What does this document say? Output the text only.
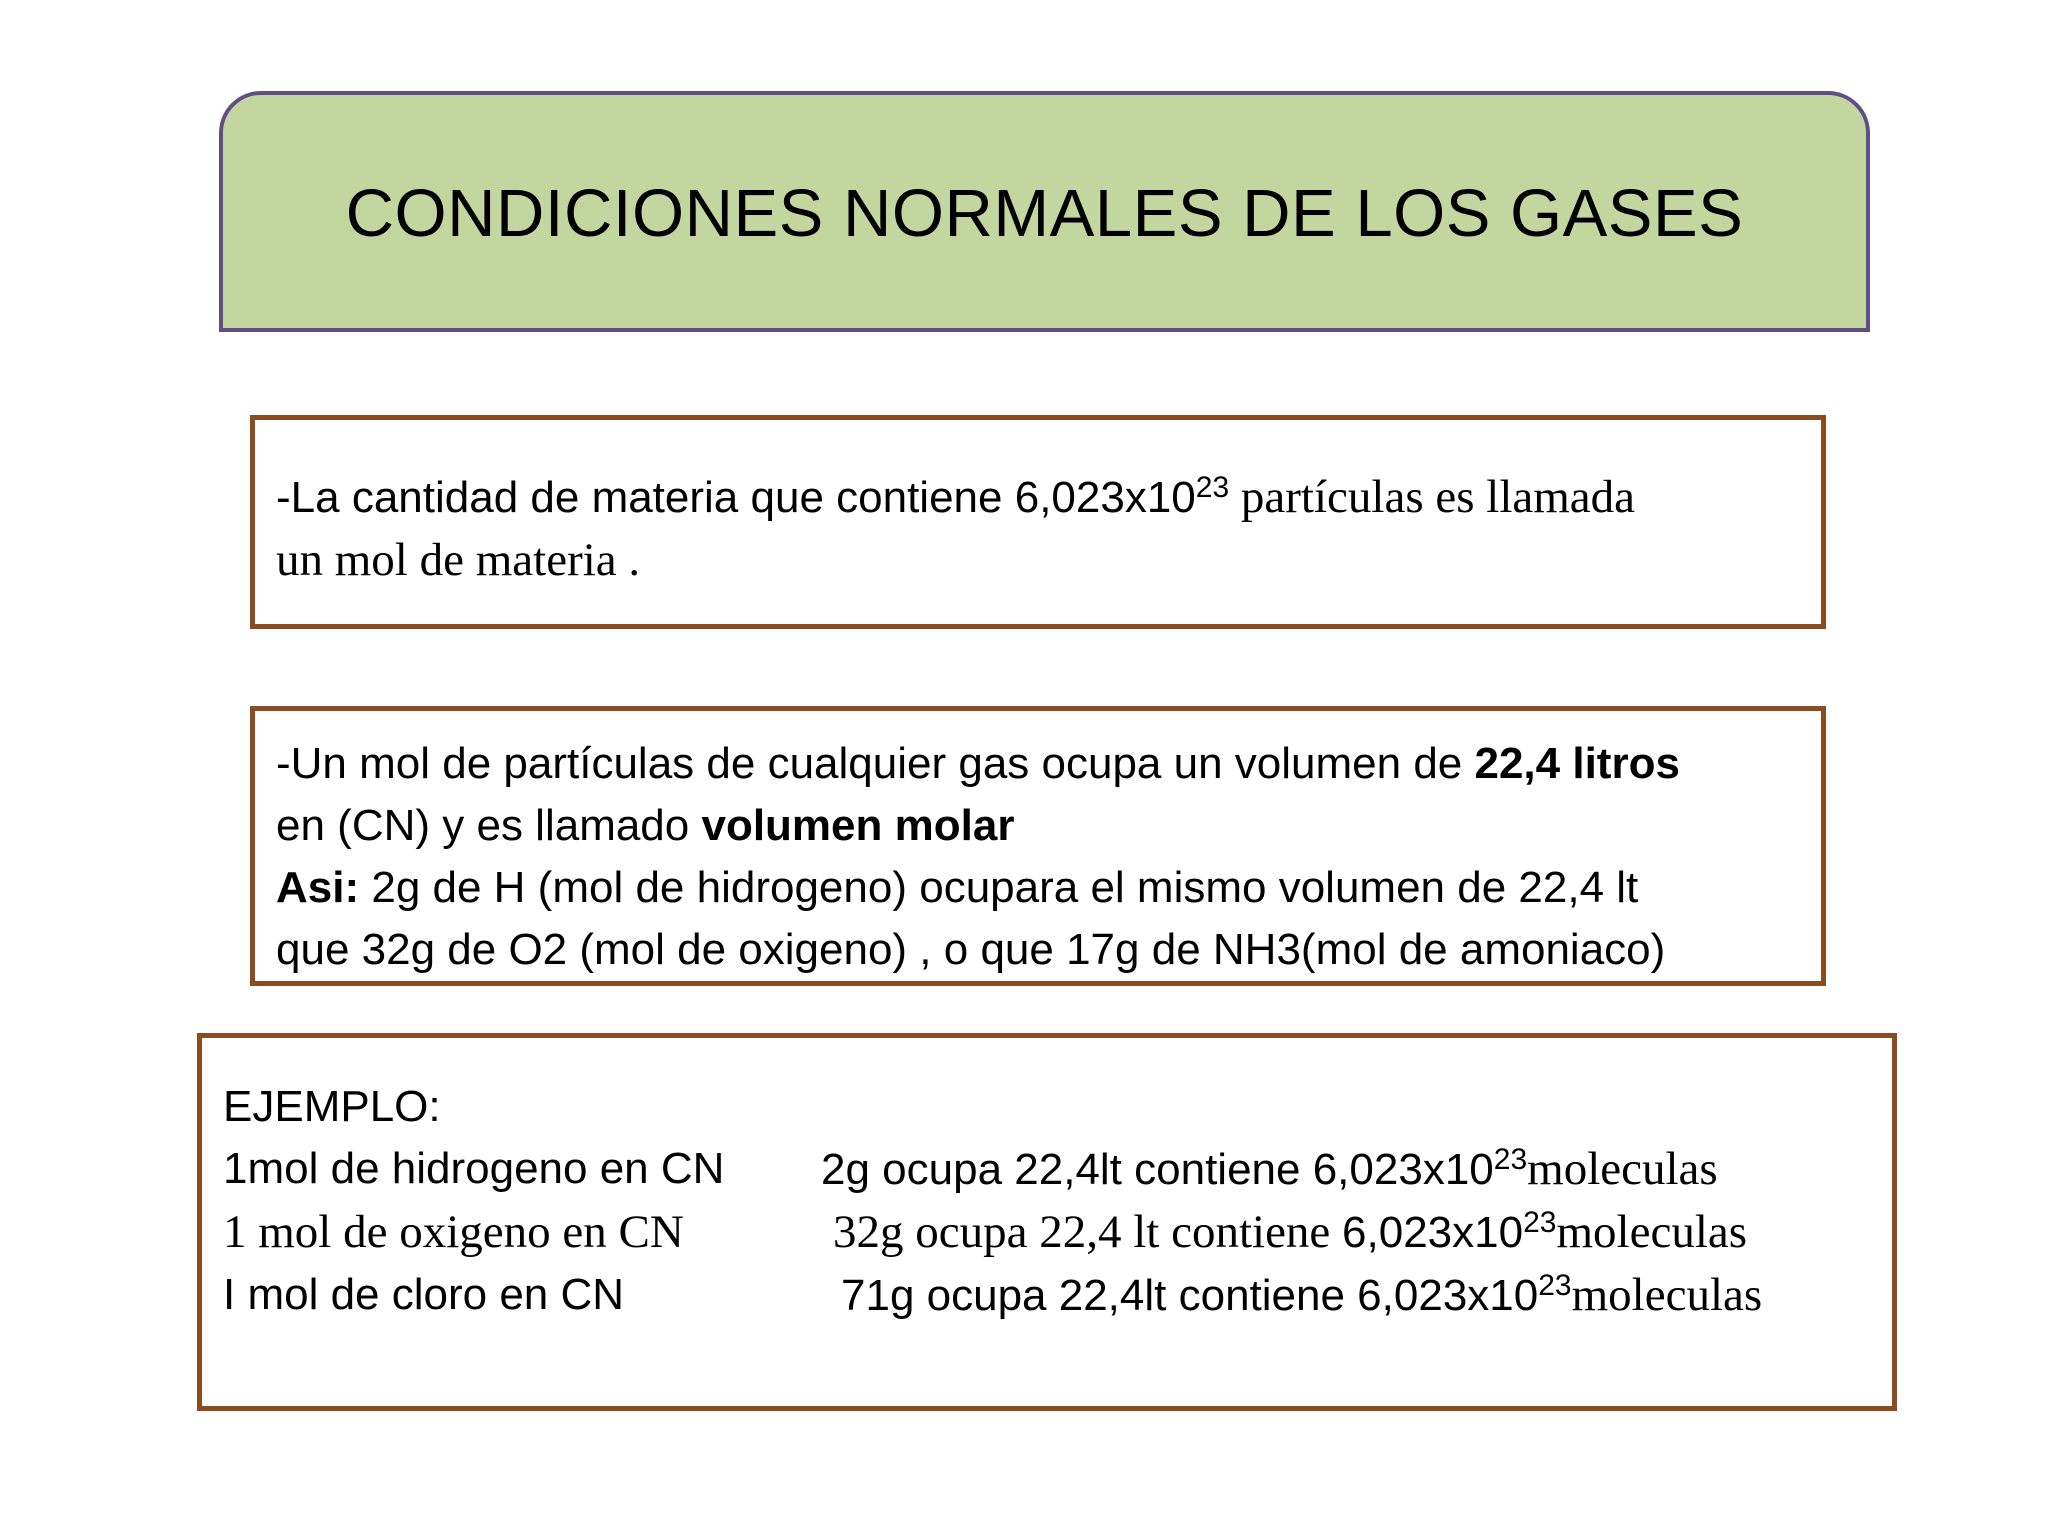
CONDICIONES NORMALES DE LOS GASES
-La cantidad de materia que contiene $6,023x10^{23}$ partículas es llamada
un mol de materia .
-Un mol de partículas de cualquier gas ocupa un volumen de 22,4 litros
en (CN) y es llamado volumen molar
Asi: 2g de H (mol de hidrogeno) ocupara el mismo volumen de 22,4 lt
que 32g de O2 (mol de oxigeno) , o que 17g de NH3(mol de amoniaco)
EJEMPLO:
1mol de hidrogeno en CN	2g ocupa 22,4lt contiene $6,023x10^{23}moleculas$
1 mol de oxigeno en CN	32g ocupa 22,4 lt contiene $6,023x10^{23}moleculas$
I mol de cloro en CN	71g ocupa 22,4lt contiene $6,023x10^{23}moleculas$
